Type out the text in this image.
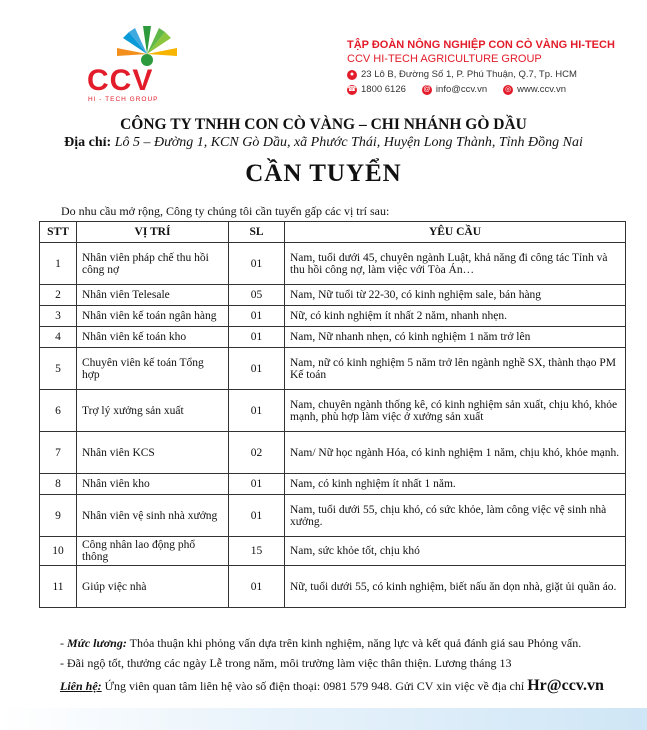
CCV
HI - TECH GROUP
TẬP ĐOÀN NÔNG NGHIỆP CON CÒ VÀNG HI-TECH
CCV HI-TECH AGRICULTURE GROUP
● 23 Lô B, Đường Số 1, P. Phú Thuận, Q.7, Tp. HCM
☎ 1800 6126 @ info@ccv.vn	◎ www.ccv.vn
CÔNG TY TNHH CON CÒ VÀNG – CHI NHÁNH GÒ DẦU
Địa chỉ: Lô 5 – Đường 1, KCN Gò Dầu, xã Phước Thái, Huyện Long Thành, Tỉnh Đồng Nai
CẦN TUYỂN
Do nhu cầu mở rộng, Công ty chúng tôi cần tuyển gấp các vị trí sau:
STT	VỊ TRÍ	SL	YÊU CẦU
1	Nhân viên pháp chế thu hồi công nợ	01	Nam, tuổi dưới 45, chuyên ngành Luật, khả năng đi công tác Tỉnh và thu hồi công nợ, làm việc với Tòa Án…
2	Nhân viên Telesale	05	Nam, Nữ tuổi từ 22-30, có kinh nghiệm sale, bán hàng
3	Nhân viên kế toán ngân hàng	01	Nữ, có kinh nghiệm ít nhất 2 năm, nhanh nhẹn.
4	Nhân viên kế toán kho	01	Nam, Nữ nhanh nhẹn, có kinh nghiệm 1 năm trở lên
5	Chuyên viên kế toán Tổng hợp	01	Nam, nữ có kinh nghiệm 5 năm trở lên ngành nghề SX, thành thạo PM Kế toán
6	Trợ lý xưởng sản xuất	01	Nam, chuyên ngành thống kê, có kinh nghiệm sản xuất, chịu khó, khỏe mạnh, phù hợp làm việc ở xưởng sản xuất
7	Nhân viên KCS	02	Nam/ Nữ học ngành Hóa, có kinh nghiệm 1 năm, chịu khó, khỏe mạnh.
8	Nhân viên kho	01	Nam, có kinh nghiệm ít nhất 1 năm.
9	Nhân viên vệ sinh nhà xưởng	01	Nam, tuổi dưới 55, chịu khó, có sức khỏe, làm công việc vệ sinh nhà xưởng.
10	Công nhân lao động phổ thông	15	Nam, sức khỏe tốt, chịu khó
11	Giúp việc nhà	01	Nữ, tuổi dưới 55, có kinh nghiệm, biết nấu ăn dọn nhà, giặt ủi quần áo.
- Mức lương: Thỏa thuận khi phỏng vấn dựa trên kinh nghiệm, năng lực và kết quả đánh giá sau Phỏng vấn.
- Đãi ngộ tốt, thưởng các ngày Lễ trong năm, môi trường làm việc thân thiện. Lương tháng 13
Liên hệ: Ứng viên quan tâm liên hệ vào số điện thoại: 0981 579 948. Gửi CV xin việc về địa chỉ Hr@ccv.vn
